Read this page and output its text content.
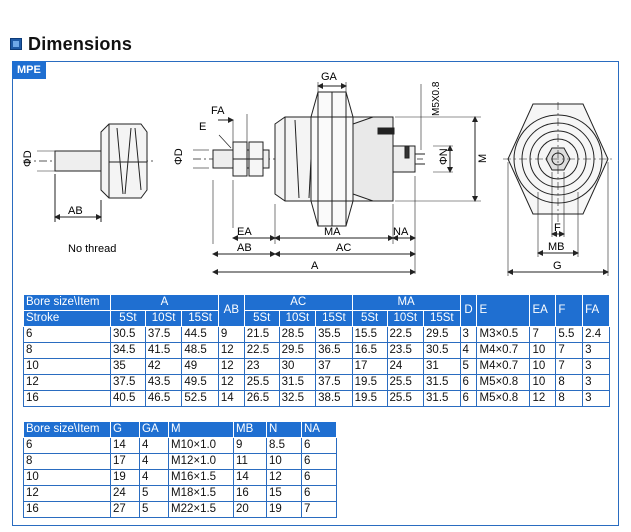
Dimensions
MPE
ΦD
AB
No thread
ΦD
FA
E
GA
M5X0.8
ΦN M
EA
AB
MA	NA
AC
A
F
MB
G
Bore size\Item	A			AB	AC			MA			D	E	EA	F	FA
Stroke	5St	10St	15St		5St	10St	15St	5St	10St	15St					
6	30.5	37.5	44.5	9	21.5	28.5	35.5	15.5	22.5	29.5	3	M3×0.5	7	5.5	2.4
8	34.5	41.5	48.5	12	22.5	29.5	36.5	16.5	23.5	30.5	4	M4×0.7	10	7	3
10	35	42	49	12	23	30	37	17	24	31	5	M4×0.7	10	7	3
12	37.5	43.5	49.5	12	25.5	31.5	37.5	19.5	25.5	31.5	6	M5×0.8	10	8	3
16	40.5	46.5	52.5	14	26.5	32.5	38.5	19.5	25.5	31.5	6	M5×0.8	12	8	3
Bore size\Item	G	GA	M	MB	N	NA
6	14	4	M10×1.0	9	8.5	6
8	17	4	M12×1.0	11	10	6
10	19	4	M16×1.5	14	12	6
12	24	5	M18×1.5	16	15	6
16	27	5	M22×1.5	20	19	7
